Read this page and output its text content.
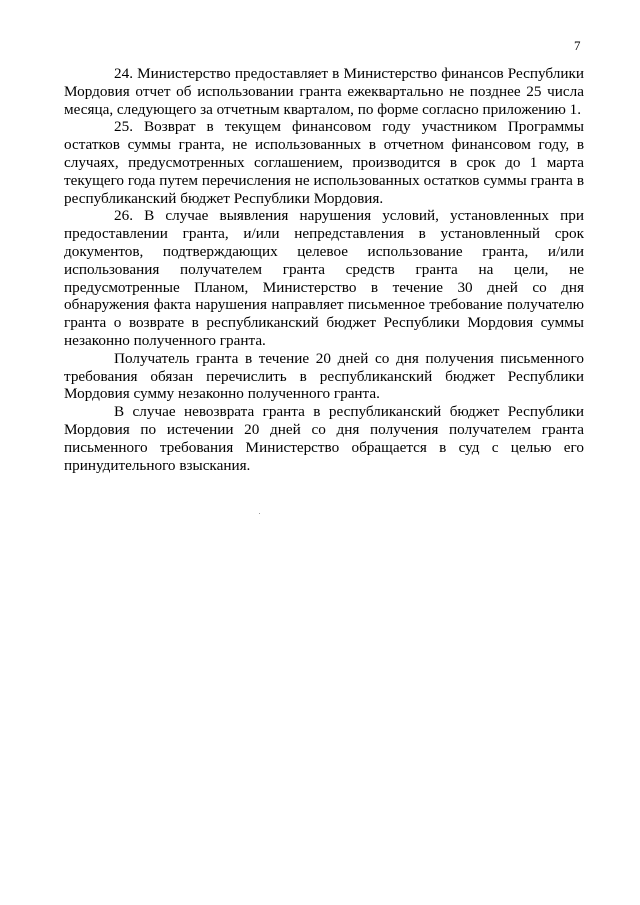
7

24. Министерство предоставляет в Министерство финансов Республики Мордовия отчет об использовании гранта ежеквартально не позднее 25 числа месяца, следующего за отчетным кварталом, по форме согласно приложению 1.

25. Возврат в текущем финансовом году участником Программы остатков суммы гранта, не использованных в отчетном финансовом году, в случаях, предусмотренных соглашением, производится в срок до 1 марта текущего года путем перечисления не использованных остатков суммы гранта в республиканский бюджет Республики Мордовия.

26. В случае выявления нарушения условий, установленных при предоставлении гранта, и/или непредставления в установленный срок документов, подтверждающих целевое использование гранта, и/или использования получателем гранта средств гранта на цели, не предусмотренные Планом, Министерство в течение 30 дней со дня обнаружения факта нарушения направляет письменное требование получателю гранта о возврате в республиканский бюджет Республики Мордовия суммы незаконно полученного гранта.

Получатель гранта в течение 20 дней со дня получения письменного требования обязан перечислить в республиканский бюджет Республики Мордовия сумму незаконно полученного гранта.

В случае невозврата гранта в республиканский бюджет Республики Мордовия по истечении 20 дней со дня получения получателем гранта письменного требования Министерство обращается в суд с целью его принудительного взыскания.
